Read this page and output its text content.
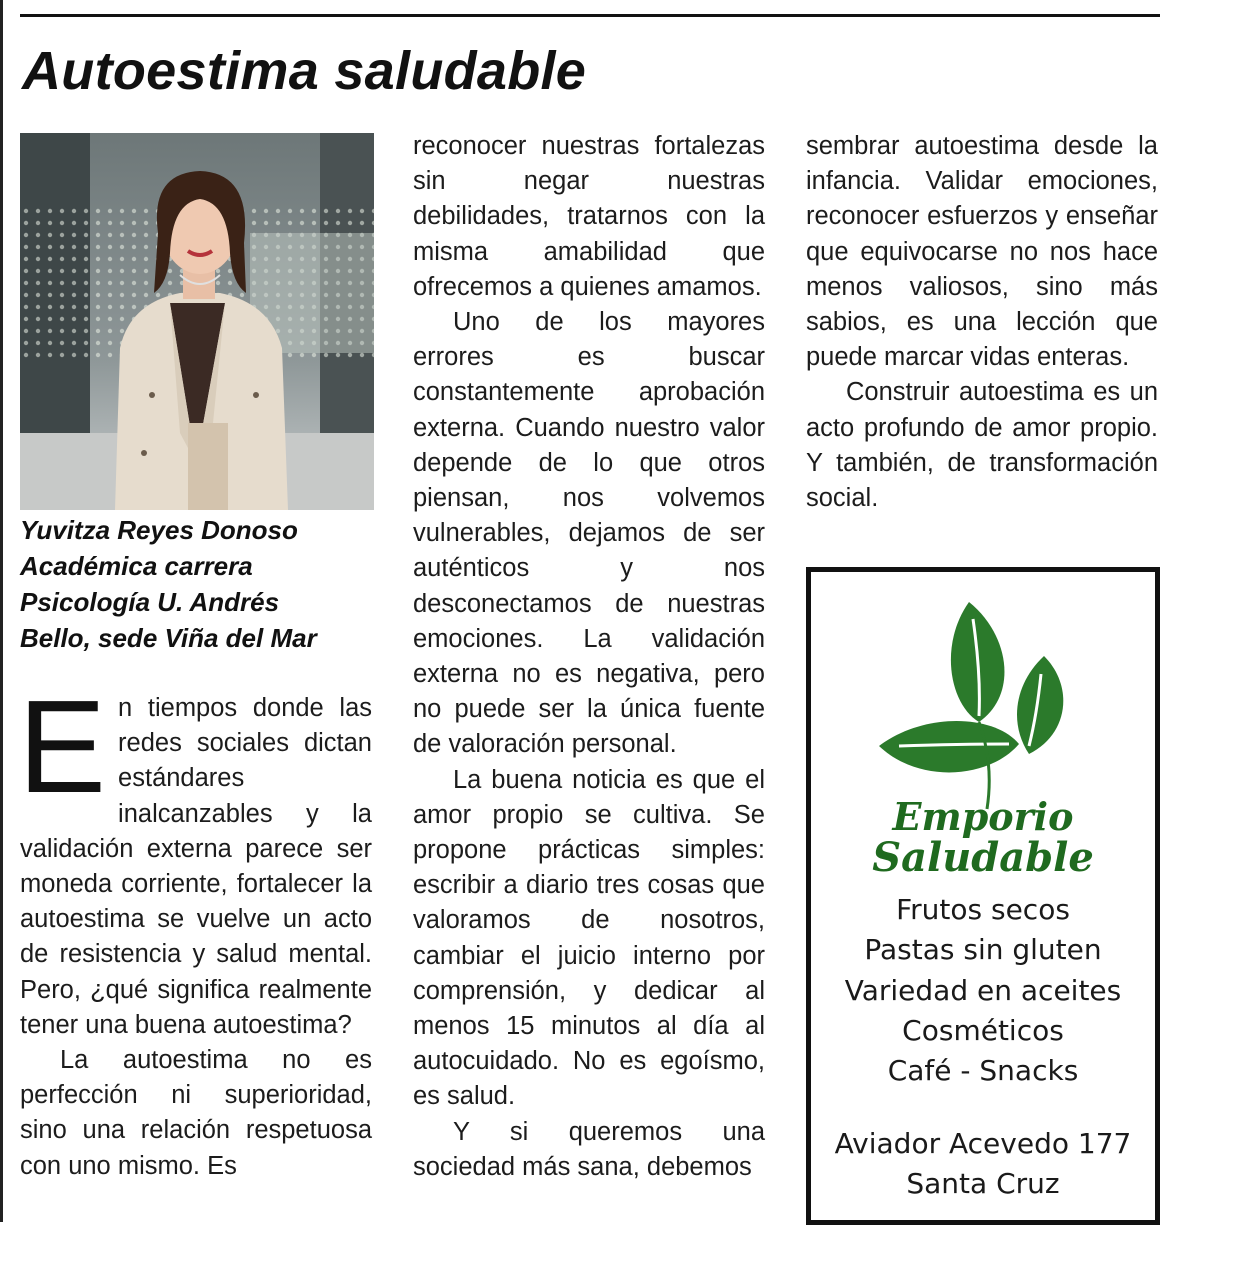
Autoestima saludable
Yuvitza Reyes Donoso
Académica carrera
Psicología U. Andrés
Bello, sede Viña del Mar

En tiempos donde las redes sociales dictan estándares inalcanzables y la validación externa parece ser moneda corriente, fortalecer la autoestima se vuelve un acto de resistencia y salud mental. Pero, ¿qué significa realmente tener una buena autoestima?

La autoestima no es perfección ni superioridad, sino una relación respetuosa con uno mismo. Es

reconocer nuestras fortalezas sin negar nuestras debilidades, tratarnos con la misma amabilidad que ofrecemos a quienes amamos.

Uno de los mayores errores es buscar constantemente aprobación externa. Cuando nuestro valor depende de lo que otros piensan, nos volvemos vulnerables, dejamos de ser auténticos y nos desconectamos de nuestras emociones. La validación externa no es negativa, pero no puede ser la única fuente de valoración personal.

La buena noticia es que el amor propio se cultiva. Se propone prácticas simples: escribir a diario tres cosas que valoramos de nosotros, cambiar el juicio interno por comprensión, y dedicar al menos 15 minutos al día al autocuidado. No es egoísmo, es salud.

Y si queremos una sociedad más sana, debemos

sembrar autoestima desde la infancia. Validar emociones, reconocer esfuerzos y enseñar que equivocarse no nos hace menos valiosos, sino más sabios, es una lección que puede marcar vidas enteras.

Construir autoestima es un acto profundo de amor propio. Y también, de transformación social.

Emporio
Saludable
Frutos secos
Pastas sin gluten
Variedad en aceites
Cosméticos
Café - Snacks
Aviador Acevedo 177
Santa Cruz
